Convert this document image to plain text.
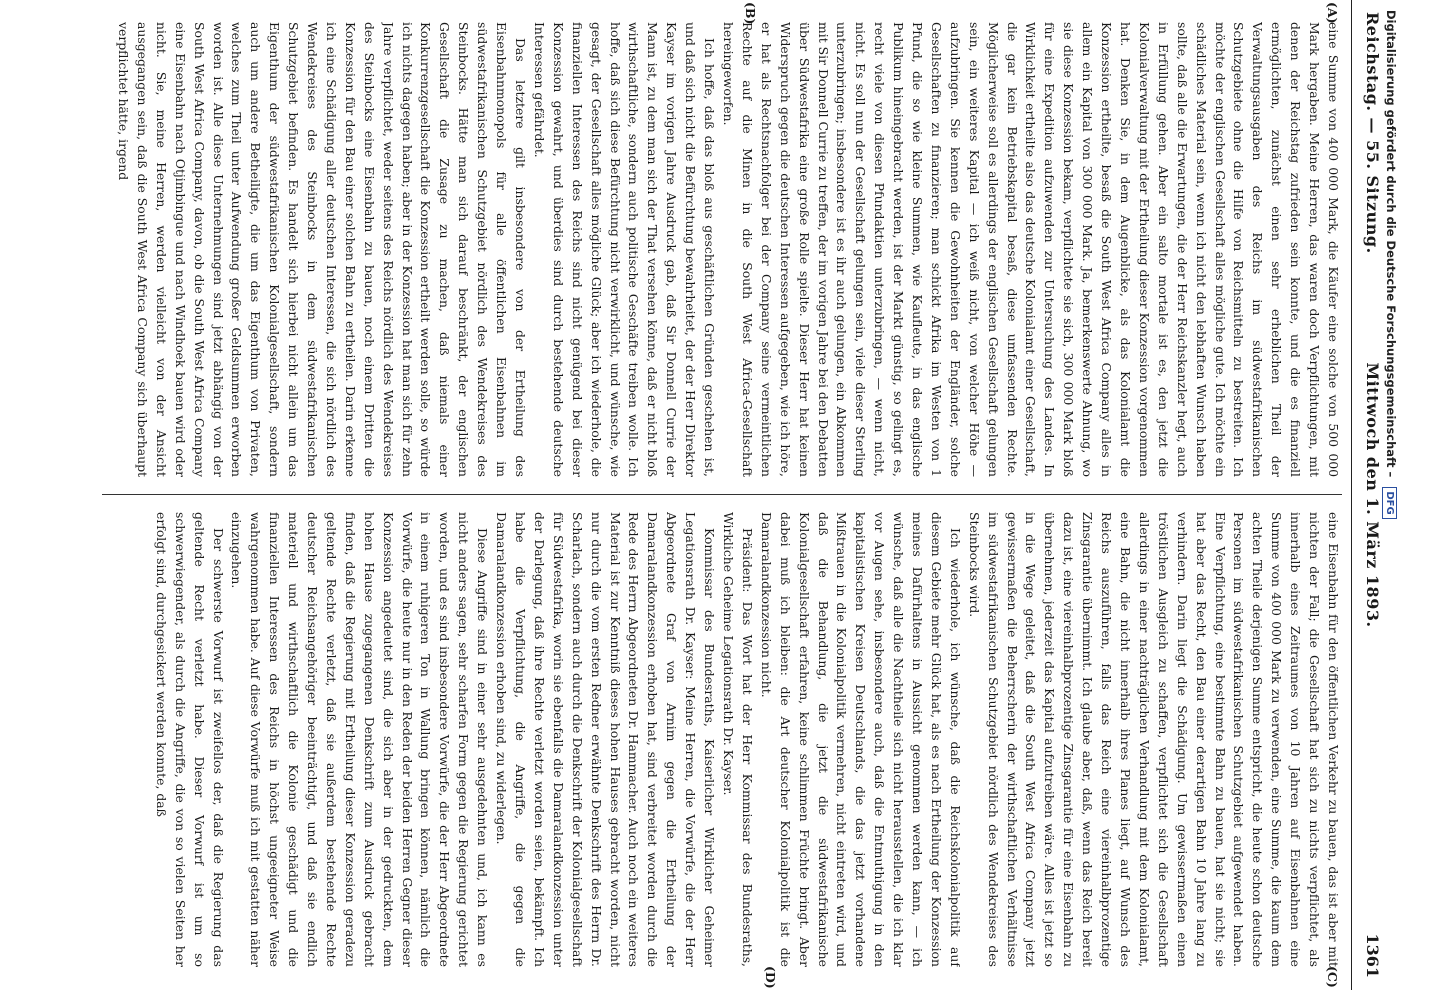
Reichstag. — 55. Sitzung.
Mittwoch den 1. März 1893.
1361
(A)
(B)
(C)
(D)

eine Summe von 400 000 Mark, die Käufer eine solche von 500 000 Mark hergaben. Meine Herren, das waren doch Verpflichtungen, mit denen der Reichstag zufrieden sein konnte, und die es finanziell ermöglichten, zunächst einen sehr erheblichen Theil der Verwaltungsausgaben des Reichs im südwestafrikanischen Schutzgebiete ohne die Hilfe von Reichsmitteln zu bestreiten. Ich möchte der englischen Gesellschaft alles mögliche gute. Ich möchte ein schädliches Material sein, wenn ich nicht den lebhaften Wunsch haben sollte, daß alle die Erwartungen, die der Herr Reichskanzler hegt, auch in Erfüllung gehen. Aber ein salto mortale ist es, den jetzt die Kolonialverwaltung mit der Ertheilung dieser Konzession vorgenommen hat. Denken Sie, in dem Augenblicke, als das Kolonialamt die Konzession ertheilte, besaß die South West Africa Company alles in allem ein Kapital von 300 000 Mark. Ja, bemerkenswerte Ahnung, wo sie diese Konzession bekam, verpflichtete sie sich, 300 000 Mark bloß für eine Expedition aufzuwenden zur Untersuchung des Landes. In Wirklichkeit ertheilte also das deutsche Kolonialamt einer Gesellschaft, die gar kein Betriebskapital besaß, diese umfassenden Rechte. Möglicherweise soll es allerdings der englischen Gesellschaft gelungen sein, ein weiteres Kapital — ich weiß nicht, von welcher Höhe — aufzubringen. Sie kennen die Gewohnheiten der Engländer, solche Gesellschaften zu finanzieren; man schickt Afrika im Westen von 1 Pfund, die so wie kleine Summen, wie Kaufleute, in das englische Publikum hineingebracht werden, ist der Markt günstig, so gelingt es, recht viele von diesen Pfundaktien unterzubringen, — wenn nicht, nicht. Es soll nun der Gesellschaft gelungen sein, viele dieser Sterling unterzubringen; insbesondere ist es ihr auch gelungen, ein Abkommen mit Sir Donnell Currie zu treffen, der im vorigen Jahre bei den Debatten über Südwestafrika eine große Rolle spielte. Dieser Herr hat keinen Widerspruch gegen die deutschen Interessen aufgegeben, wie ich höre, er hat als Rechtsnachfolger bei der Company seine vermeintlichen Rechte auf die Minen in die South West Africa-Gesellschaft hereingeworfen.

Ich hoffe, daß das bloß aus geschäftlichen Gründen geschehen ist, und daß sich nicht die Befürchtung bewahrheitet, der der Herr Direktor Kayser im vorigen Jahre Ausdruck gab, daß Sir Donnell Currie der Mann ist, zu dem man sich der That versehen könne, daß er nicht bloß wirthschaftliche, sondern auch politische Geschäfte treiben wolle. Ich hoffe, daß sich diese Befürchtung nicht verwirklicht, und wünsche, wie gesagt, der Gesellschaft alles mögliche Glück; aber ich wiederhole, die finanziellen Interessen des Reichs sind nicht genügend bei dieser Konzession gewahrt, und überdies sind durch bestehende deutsche Interessen gefährdet.

Das letztere gilt insbesondere von der Ertheilung des Eisenbahnmonopols für alle öffentlichen Eisenbahnen im südwestafrikanischen Schutzgebiet nördlich des Wendekreises des Steinbocks. Hätte man sich darauf beschränkt, der englischen Gesellschaft die Zusage zu machen, daß niemals einer Konkurrenzgesellschaft die Konzession ertheilt werden solle, so würde ich nichts dagegen haben; aber in der Konzession hat man sich für zehn Jahre verpflichtet, weder seitens des Reichs nördlich des Wendekreises des Steinbocks eine Eisenbahn zu bauen, noch einem Dritten die Konzession für den Bau einer solchen Bahn zu ertheilen. Darin erkenne ich eine Schädigung aller deutschen Interessen, die sich nördlich des Wendekreises des Steinbocks in dem südwestafrikanischen Schutzgebiet befinden. Es handelt sich hierbei nicht allein um das Eigenthum der südwestafrikanischen Kolonialgesellschaft, sondern auch um andere Betheiligte, die um das Eigenthum von Privaten, welches zum Theil unter Aufwendung großer Geldsummen erworben worden ist. Alle diese Unternehmungen sind jetzt abhängig von der South West Africa Company, davon, ob die South West Africa Company eine Eisenbahn nach Otjimbingue und nach Windhoek bauen wird oder nicht. Sie, meine Herren, werden vielleicht von der Ansicht ausgegangen sein, daß die South West Africa Company sich überhaupt verpflichtet hätte, irgend

eine Eisenbahn für den öffentlichen Verkehr zu bauen, das ist aber mit nichten der Fall; die Gesellschaft hat sich zu nichts verpflichtet, als innerhalb eines Zeitraumes von 10 Jahren auf Eisenbahnen eine Summe von 400 000 Mark zu verwenden, eine Summe, die kaum dem achten Theile derjenigen Summe entspricht, die heute schon deutsche Personen im südwestafrikanischen Schutzgebiet aufgewendet haben. Eine Verpflichtung, eine bestimmte Bahn zu bauen, hat sie nicht; sie hat aber das Recht, den Bau einer derartigen Bahn 10 Jahre lang zu verhindern. Darin liegt die Schädigung. Um gewissermaßen einen tröstlichen Ausgleich zu schaffen, verpflichtet sich die Gesellschaft allerdings in einer nachträglichen Verhandlung mit dem Kolonialamt, eine Bahn, die nicht innerhalb ihres Planes liegt, auf Wunsch des Reichs auszuführen, falls das Reich eine viereinhalbprozentige Zinsgarantie übernimmt. Ich glaube aber, daß, wenn das Reich bereit dazu ist, eine viereinhalbprozentige Zinsgarantie für eine Eisenbahn zu übernehmen, jederzeit das Kapital aufzutreiben wäre. Alles ist jetzt so in die Wege geleitet, daß die South West Africa Company jetzt gewissermaßen die Beherrscherin der wirthschaftlichen Verhältnisse im südwestafrikanischen Schutzgebiet nördlich des Wendekreises des Steinbocks wird.

Ich wiederhole, ich wünsche, daß die Reichskolonialpolitik auf diesem Gebiete mehr Glück hat, als es nach Ertheilung der Konzession meines Dafürhaltens in Aussicht genommen werden kann, — ich wünsche, daß alle die Nachtheile sich nicht herausstellen, die ich klar vor Augen sehe, insbesondere auch, daß die Entmuthigung in den kapitalistischen Kreisen Deutschlands, die das jetzt vorhandene Mißtrauen in die Kolonialpolitik vermehren, nicht eintreten wird, und daß die Behandlung, die jetzt die südwestafrikanische Kolonialgesellschaft erfahren, keine schlimmen Früchte bringt. Aber dabei muß ich bleiben: die Art deutscher Kolonialpolitik ist die Damaralandkonzession nicht.

Präsident: Das Wort hat der Herr Kommissar des Bundesraths, Wirkliche Geheime Legationsrath Dr. Kayser.

Kommissar des Bundesraths, Kaiserlicher Wirklicher Geheimer Legationsrath Dr. Kayser: Meine Herren, die Vorwürfe, die der Herr Abgeordnete Graf von Arnim gegen die Ertheilung der Damaralandkonzession erhoben hat, sind verbreitet worden durch die Rede des Herrn Abgeordneten Dr. Hammacher. Auch noch ein weiteres Material ist zur Kenntniß dieses hohen Hauses gebracht worden, nicht nur durch die vom ersten Redner erwähnte Denkschrift des Herrn Dr. Scharlach, sondern auch durch die Denkschrift der Kolonialgesellschaft für Südwestafrika, worin sie ebenfalls die Damaralandkonzession unter der Darlegung, daß ihre Rechte verletzt worden seien, bekämpft. Ich habe die Verpflichtung, die Angriffe, die gegen die Damaralandkonzession erhoben sind, zu widerlegen.

Diese Angriffe sind in einer sehr ausgedehnten und, ich kann es nicht anders sagen, sehr scharfen Form gegen die Regierung gerichtet worden, und es sind insbesondere Vorwürfe, die der Herr Abgeordnete in einem ruhigeren Ton in Wallung bringen können, nämlich die Vorwürfe, die heute nur in den Reden der beiden Herren Gegner dieser Konzession angedeutet sind, die sich aber in der gedruckten, dem hohen Hause zugegangenen Denkschrift zum Ausdruck gebracht finden, daß die Regierung mit Ertheilung dieser Konzession geradezu geltende Rechte verletzt, daß sie außerdem bestehende Rechte deutscher Reichsangehöriger beeinträchtigt, und daß sie endlich materiell und wirthschaftlich die Kolonie geschädigt und die finanziellen Interessen des Reichs in höchst ungeeigneter Weise wahrgenommen habe. Auf diese Vorwürfe muß ich mit gestatten näher einzugehen.

Der schwerste Vorwurf ist zweifellos der, daß die Regierung das geltende Recht verletzt habe. Dieser Vorwurf ist um so schwerwiegender, als durch die Angriffe, die von so vielen Seiten her erfolgt sind, durchgesickert werden konnte, daß

Digitalisierung gefördert durch die Deutsche Forschungsgemeinschaft – DFG
